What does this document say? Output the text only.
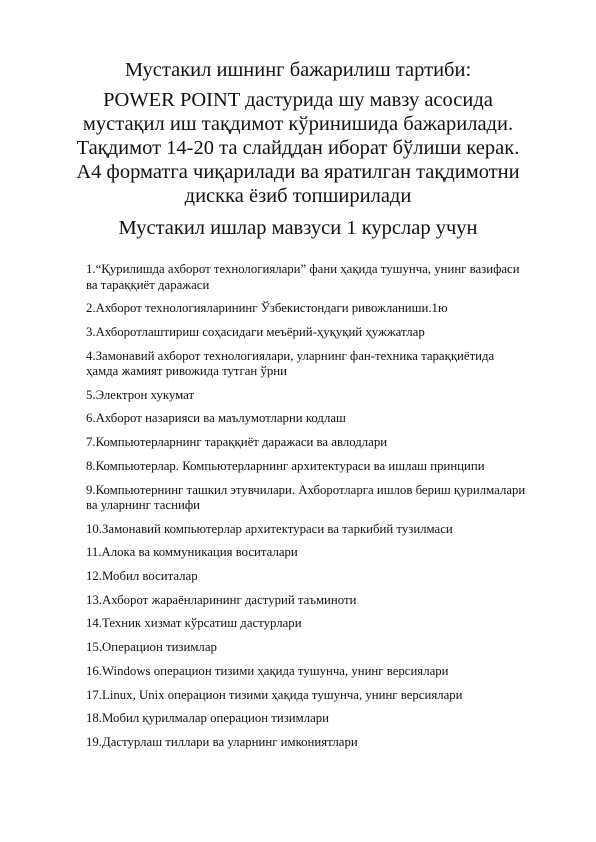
Мустакил ишнинг бажарилиш тартиби:

POWER POINT дастурида шу мавзу асосида мустақил иш тақдимот кўринишида бажарилади. Тақдимот 14-20 та слайддан иборат бўлиши керак. А4 форматга чиқарилади ва яратилган тақдимотни дискка ёзиб топширилади

Мустакил ишлар мавзуси 1 курслар учун

1.“Қурилишда ахборот технологиялари” фани ҳақида тушунча, унинг вазифаси ва тараққиёт даражаси
2.Ахборот технологияларининг Ўзбекистондаги ривожланиши.1ю
3.Ахборотлаштириш соҳасидаги меъёрий-ҳуқуқий ҳужжатлар
4.Замонавий ахборот технологиялари, уларнинг фан-техника тараққиётида ҳамда жамият ривожида тутган ўрни
5.Электрон хукумат
6.Ахборот назарияси ва маълумотларни кодлаш
7.Компьютерларнинг тараққиёт даражаси ва авлодлари
8.Компьютерлар. Компьютерларнинг архитектураси ва ишлаш принципи
9.Компьютернинг ташкил этувчилари. Ахборотларга ишлов бериш қурилмалари ва уларнинг таснифи
10.Замонавий компьютерлар архитектураси ва таркибий тузилмаси
11.Алока ва коммуникация воситалари
12.Мобил воситалар
13.Ахборот жараёнларининг дастурий таъминоти
14.Техник хизмат кўрсатиш дастурлари
15.Операцион тизимлар
16.Windows операцион тизими ҳақида тушунча, унинг версиялари
17.Linux, Unix операцион тизими ҳақида тушунча, унинг версиялари
18.Мобил қурилмалар операцион тизимлари
19.Дастурлаш тиллари ва уларнинг имкониятлари
